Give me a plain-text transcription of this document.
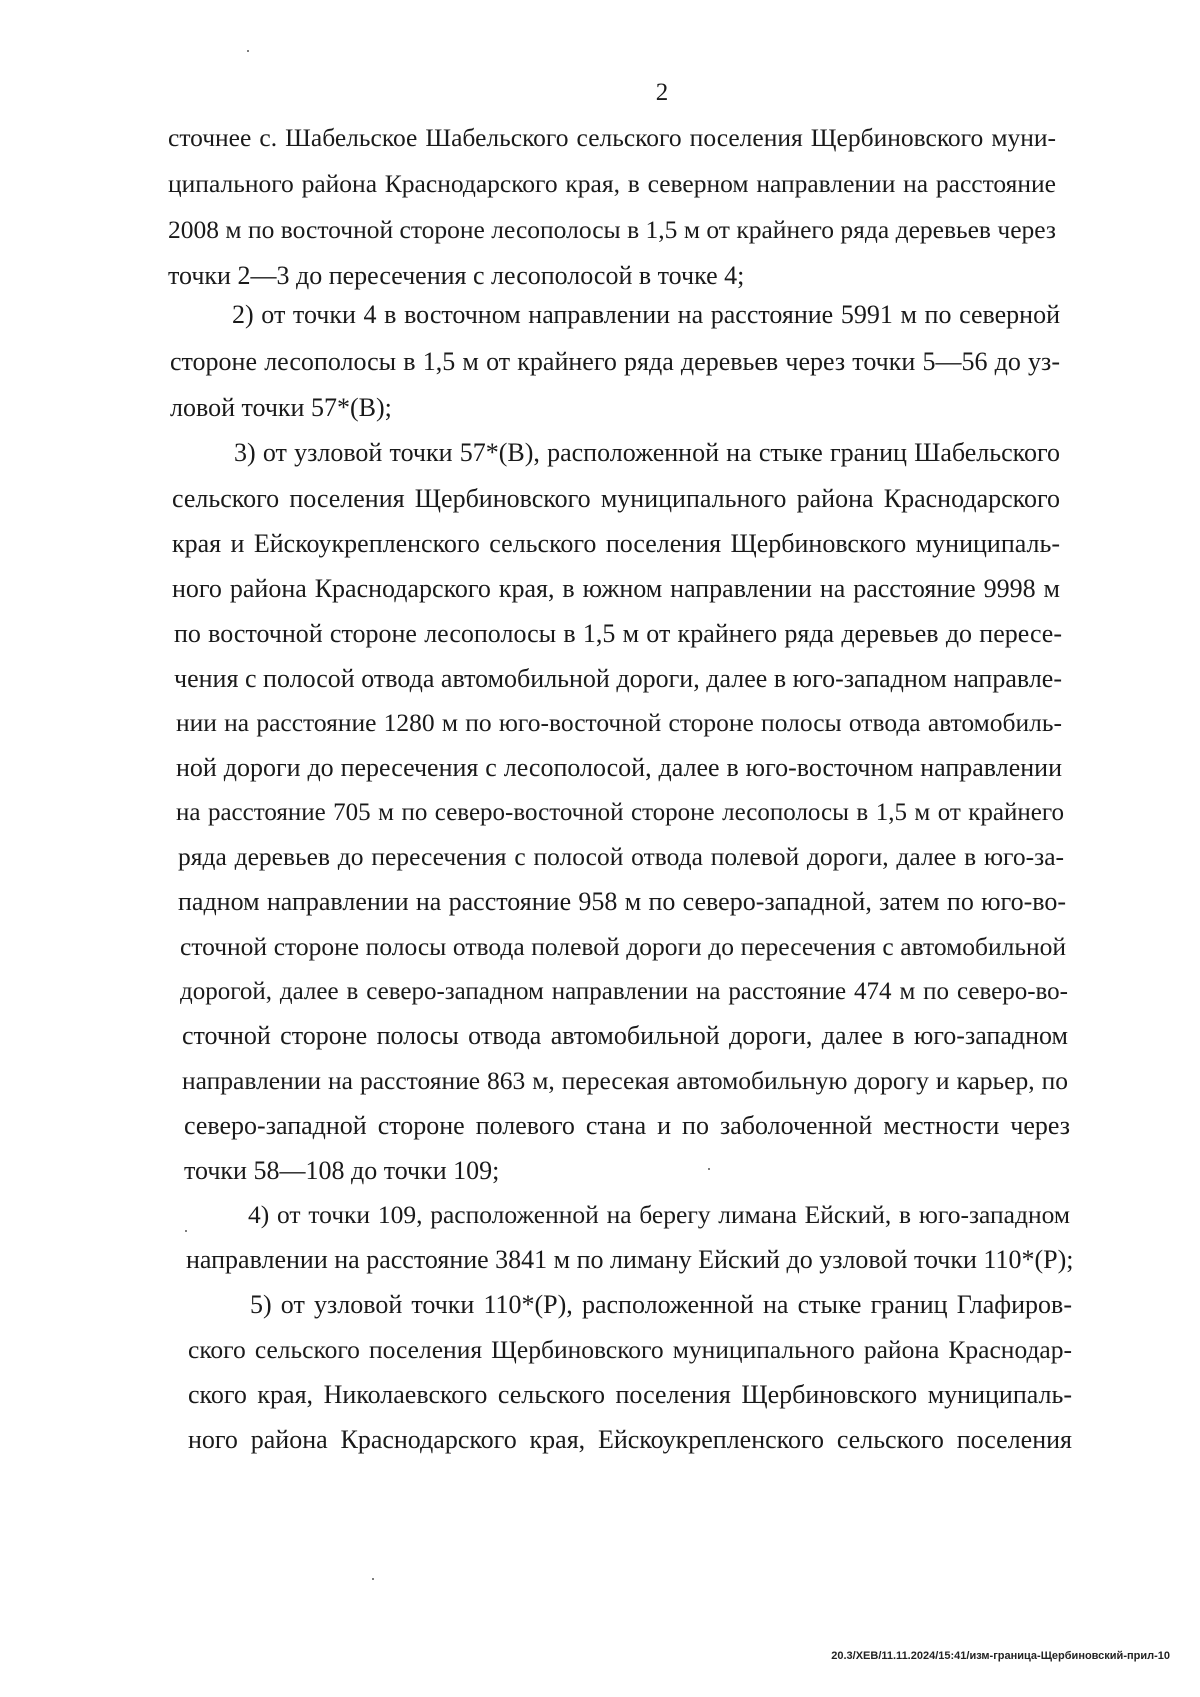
2
сточнее с. Шабельское Шабельского сельского поселения Щербиновского муни-
ципального района Краснодарского края, в северном направлении на расстояние
2008 м по восточной стороне лесополосы в 1,5 м от крайнего ряда деревьев через
точки 2—3 до пересечения с лесополосой в точке 4;
2) от точки 4 в восточном направлении на расстояние 5991 м по северной
стороне лесополосы в 1,5 м от крайнего ряда деревьев через точки 5—56 до уз-
ловой точки 57*(В);
3) от узловой точки 57*(В), расположенной на стыке границ Шабельского
сельского поселения Щербиновского муниципального района Краснодарского
края и Ейскоукрепленского сельского поселения Щербиновского муниципаль-
ного района Краснодарского края, в южном направлении на расстояние 9998 м
по восточной стороне лесополосы в 1,5 м от крайнего ряда деревьев до пересе-
чения с полосой отвода автомобильной дороги, далее в юго-западном направле-
нии на расстояние 1280 м по юго-восточной стороне полосы отвода автомобиль-
ной дороги до пересечения с лесополосой, далее в юго-восточном направлении
на расстояние 705 м по северо-восточной стороне лесополосы в 1,5 м от крайнего
ряда деревьев до пересечения с полосой отвода полевой дороги, далее в юго-за-
падном направлении на расстояние 958 м по северо-западной, затем по юго-во-
сточной стороне полосы отвода полевой дороги до пересечения с автомобильной
дорогой, далее в северо-западном направлении на расстояние 474 м по северо-во-
сточной стороне полосы отвода автомобильной дороги, далее в юго-западном
направлении на расстояние 863 м, пересекая автомобильную дорогу и карьер, по
северо-западной стороне полевого стана и по заболоченной местности через
точки 58—108 до точки 109;
4) от точки 109, расположенной на берегу лимана Ейский, в юго-западном
направлении на расстояние 3841 м по лиману Ейский до узловой точки 110*(Р);
5) от узловой точки 110*(Р), расположенной на стыке границ Глафиров-
ского сельского поселения Щербиновского муниципального района Краснодар-
ского края, Николаевского сельского поселения Щербиновского муниципаль-
ного района Краснодарского края, Ейскоукрепленского сельского поселения
20.3/ХЕВ/11.11.2024/15:41/изм-граница-Щербиновский-прил-10
